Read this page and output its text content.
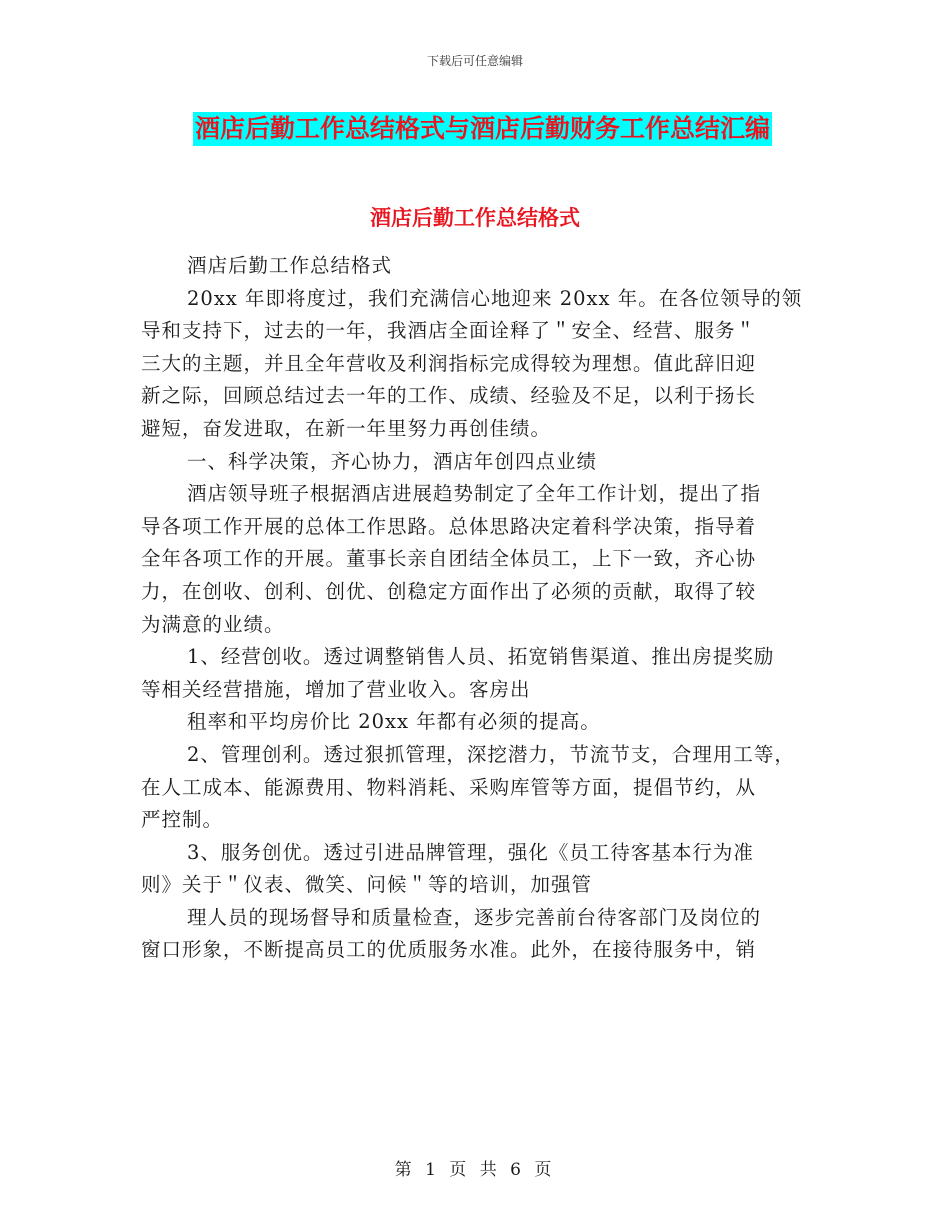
下载后可任意编辑
酒店后勤工作总结格式与酒店后勤财务工作总结汇编
酒店后勤工作总结格式
酒店后勤工作总结格式
20xx 年即将度过，我们充满信心地迎来 20xx 年。在各位领导的领
导和支持下，过去的一年，我酒店全面诠释了＂安全、经营、服务＂
三大的主题，并且全年营收及利润指标完成得较为理想。值此辞旧迎
新之际，回顾总结过去一年的工作、成绩、经验及不足，以利于扬长
避短，奋发进取，在新一年里努力再创佳绩。
一、科学决策，齐心协力，酒店年创四点业绩
酒店领导班子根据酒店进展趋势制定了全年工作计划，提出了指
导各项工作开展的总体工作思路。总体思路决定着科学决策，指导着
全年各项工作的开展。董事长亲自团结全体员工，上下一致，齐心协
力，在创收、创利、创优、创稳定方面作出了必须的贡献，取得了较
为满意的业绩。
1、经营创收。透过调整销售人员、拓宽销售渠道、推出房提奖励
等相关经营措施，增加了营业收入。客房出
租率和平均房价比 20xx 年都有必须的提高。
2、管理创利。透过狠抓管理，深挖潜力，节流节支，合理用工等，
在人工成本、能源费用、物料消耗、采购库管等方面，提倡节约，从
严控制。
3、服务创优。透过引进品牌管理，强化《员工待客基本行为准
则》关于＂仪表、微笑、问候＂等的培训，加强管
理人员的现场督导和质量检查，逐步完善前台待客部门及岗位的
窗口形象，不断提高员工的优质服务水准。此外，在接待服务中，销
第 1 页 共 6 页
